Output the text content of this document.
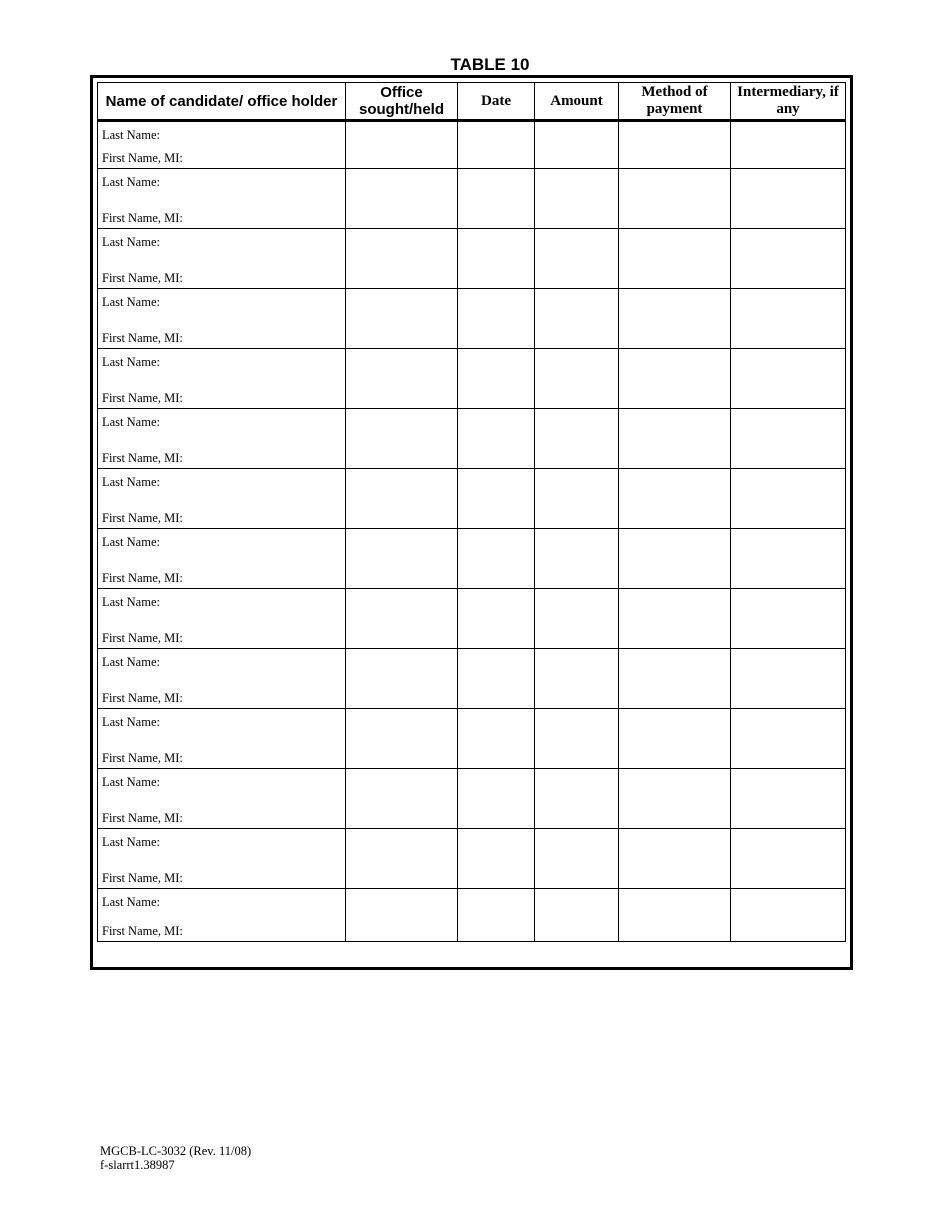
TABLE 10
Name of candidate/ office holder	Office sought/held	Date	Amount	Method of payment	Intermediary, if any

Last Name:
First Name, MI:					

Last Name:
First Name, MI:					

Last Name:
First Name, MI:					

Last Name:
First Name, MI:					

Last Name:
First Name, MI:					

Last Name:
First Name, MI:					

Last Name:
First Name, MI:					

Last Name:
First Name, MI:					

Last Name:
First Name, MI:					

Last Name:
First Name, MI:					

Last Name:
First Name, MI:					

Last Name:
First Name, MI:					

Last Name:
First Name, MI:					

Last Name:
First Name, MI:					

MGCB-LC-3032 (Rev. 11/08)
f-slarrt1.38987
